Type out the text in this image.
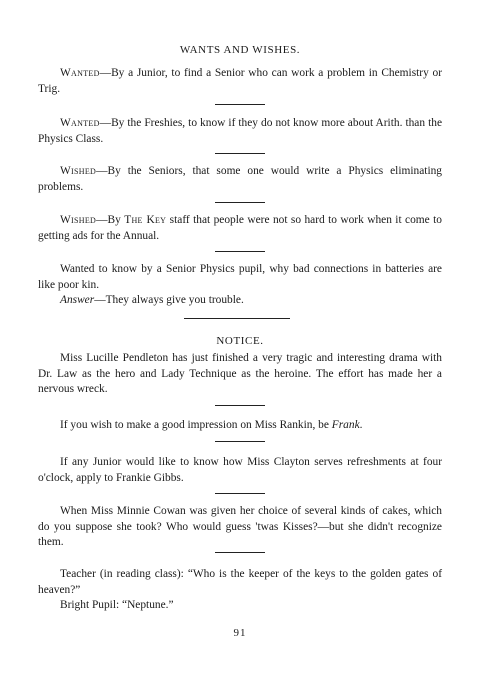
WANTS AND WISHES.

Wanted—By a Junior, to find a Senior who can work a problem in Chemistry or Trig.

Wanted—By the Freshies, to know if they do not know more about Arith. than the Physics Class.

Wished—By the Seniors, that some one would write a Physics eliminating problems.

Wished—By The Key staff that people were not so hard to work when it come to getting ads for the Annual.

Wanted to know by a Senior Physics pupil, why bad connections in batteries are like poor kin.
Answer—They always give you trouble.

NOTICE.

Miss Lucille Pendleton has just finished a very tragic and interesting drama with Dr. Law as the hero and Lady Technique as the heroine. The effort has made her a nervous wreck.

If you wish to make a good impression on Miss Rankin, be Frank.

If any Junior would like to know how Miss Clayton serves refreshments at four o'clock, apply to Frankie Gibbs.

When Miss Minnie Cowan was given her choice of several kinds of cakes, which do you suppose she took? Who would guess 'twas Kisses?—but she didn't recognize them.

Teacher (in reading class): “Who is the keeper of the keys to the golden gates of heaven?”
Bright Pupil: “Neptune.”

91
